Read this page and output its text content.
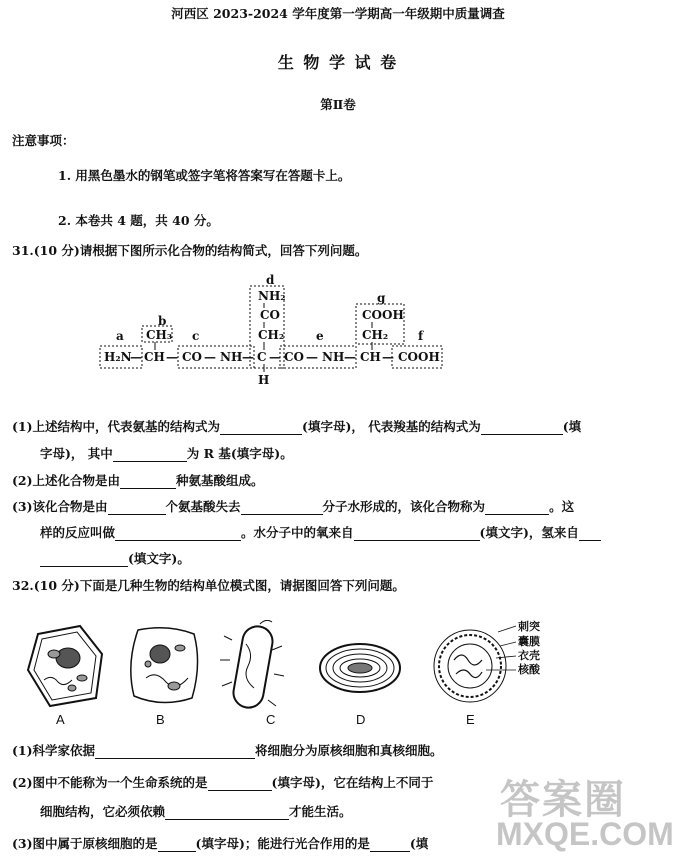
河西区 2023-2024 学年度第一学期高一年级期中质量调查
生 物 学 试 卷
第Ⅱ卷
注意事项：
1. 用黑色墨水的钢笔或签字笔将答案写在答题卡上。
2. 本卷共 4 题，共 40 分。
31.(10 分)请根据下图所示化合物的结构简式，回答下列问题。
a
b
c
d
e	f
g
H₂N
— CH — CO — NH — C — CO — NH — CH — COOH
CH₃
NH₂
CO
CH₂
COOH
CH₂
H
(1)上述结构中，代表氨基的结构式为	(填字母)， 代表羧基的结构式为	(填
字母)， 其中	为 R 基(填字母)。
(2)上述化合物是由	种氨基酸组成。
(3)该化合物是由	个氨基酸失去	分子水形成的，该化合物称为	。这
样的反应叫做	。水分子中的氧来自	(填文字)，氢来自
(填文字)。
32.(10 分)下面是几种生物的结构单位模式图，请据图回答下列问题。
刺突
囊膜
衣壳
核酸
A	B	C	D	E
(1)科学家依据	将细胞分为原核细胞和真核细胞。
(2)图中不能称为一个生命系统的是	(填字母)，它在结构上不同于
细胞结构，它必须依赖	才能生活。
(3)图中属于原核细胞的是	(填字母)；能进行光合作用的是	(填
答案圈
MXQE.COM
